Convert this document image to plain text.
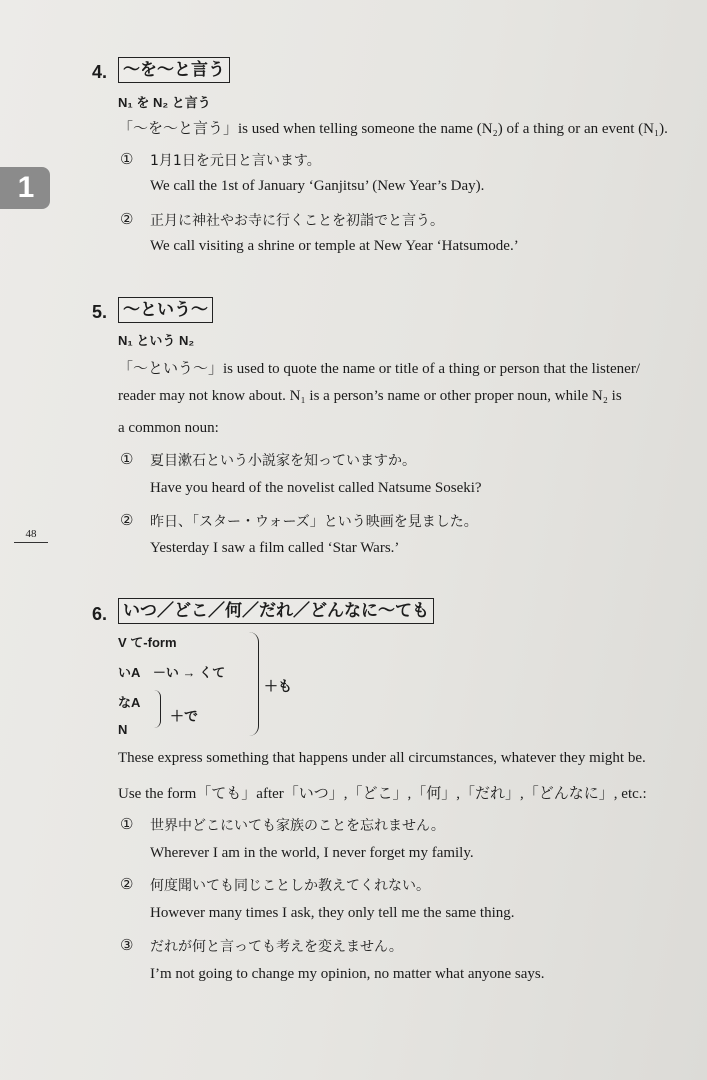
1
48
4. ～を～と言う
N₁ を N₂ と言う
「～を～と言う」is used when telling someone the name (N₂) of a thing or an event (N₁).
① 1月1日を元日と言います。
We call the 1st of January ‘Ganjitsu’ (New Year’s Day).
② 正月に神社やお寺に行くことを初詣でと言う。
We call visiting a shrine or temple at New Year ‘Hatsumode.’
5. ～という～
N₁ という N₂
「～という～」is used to quote the name or title of a thing or person that the listener/
reader may not know about. N₁ is a person’s name or other proper noun, while N₂ is
a common noun:
① 夏目漱石という小説家を知っていますか。
Have you heard of the novelist called Natsume Soseki?
② 昨日、「スター・ウォーズ」という映画を見ました。
Yesterday I saw a film called ‘Star Wars.’
6. いつ／どこ／何／だれ／どんなに～ても
V て-form
いA　－い → くて
なA
N
＋で
＋も
These express something that happens under all circumstances, whatever they might be.
Use the form「ても」after「いつ」,「どこ」,「何」,「だれ」,「どんなに」, etc.:
① 世界中どこにいても家族のことを忘れません。
Wherever I am in the world, I never forget my family.
② 何度聞いても同じことしか教えてくれない。
However many times I ask, they only tell me the same thing.
③ だれが何と言っても考えを変えません。
I’m not going to change my opinion, no matter what anyone says.
